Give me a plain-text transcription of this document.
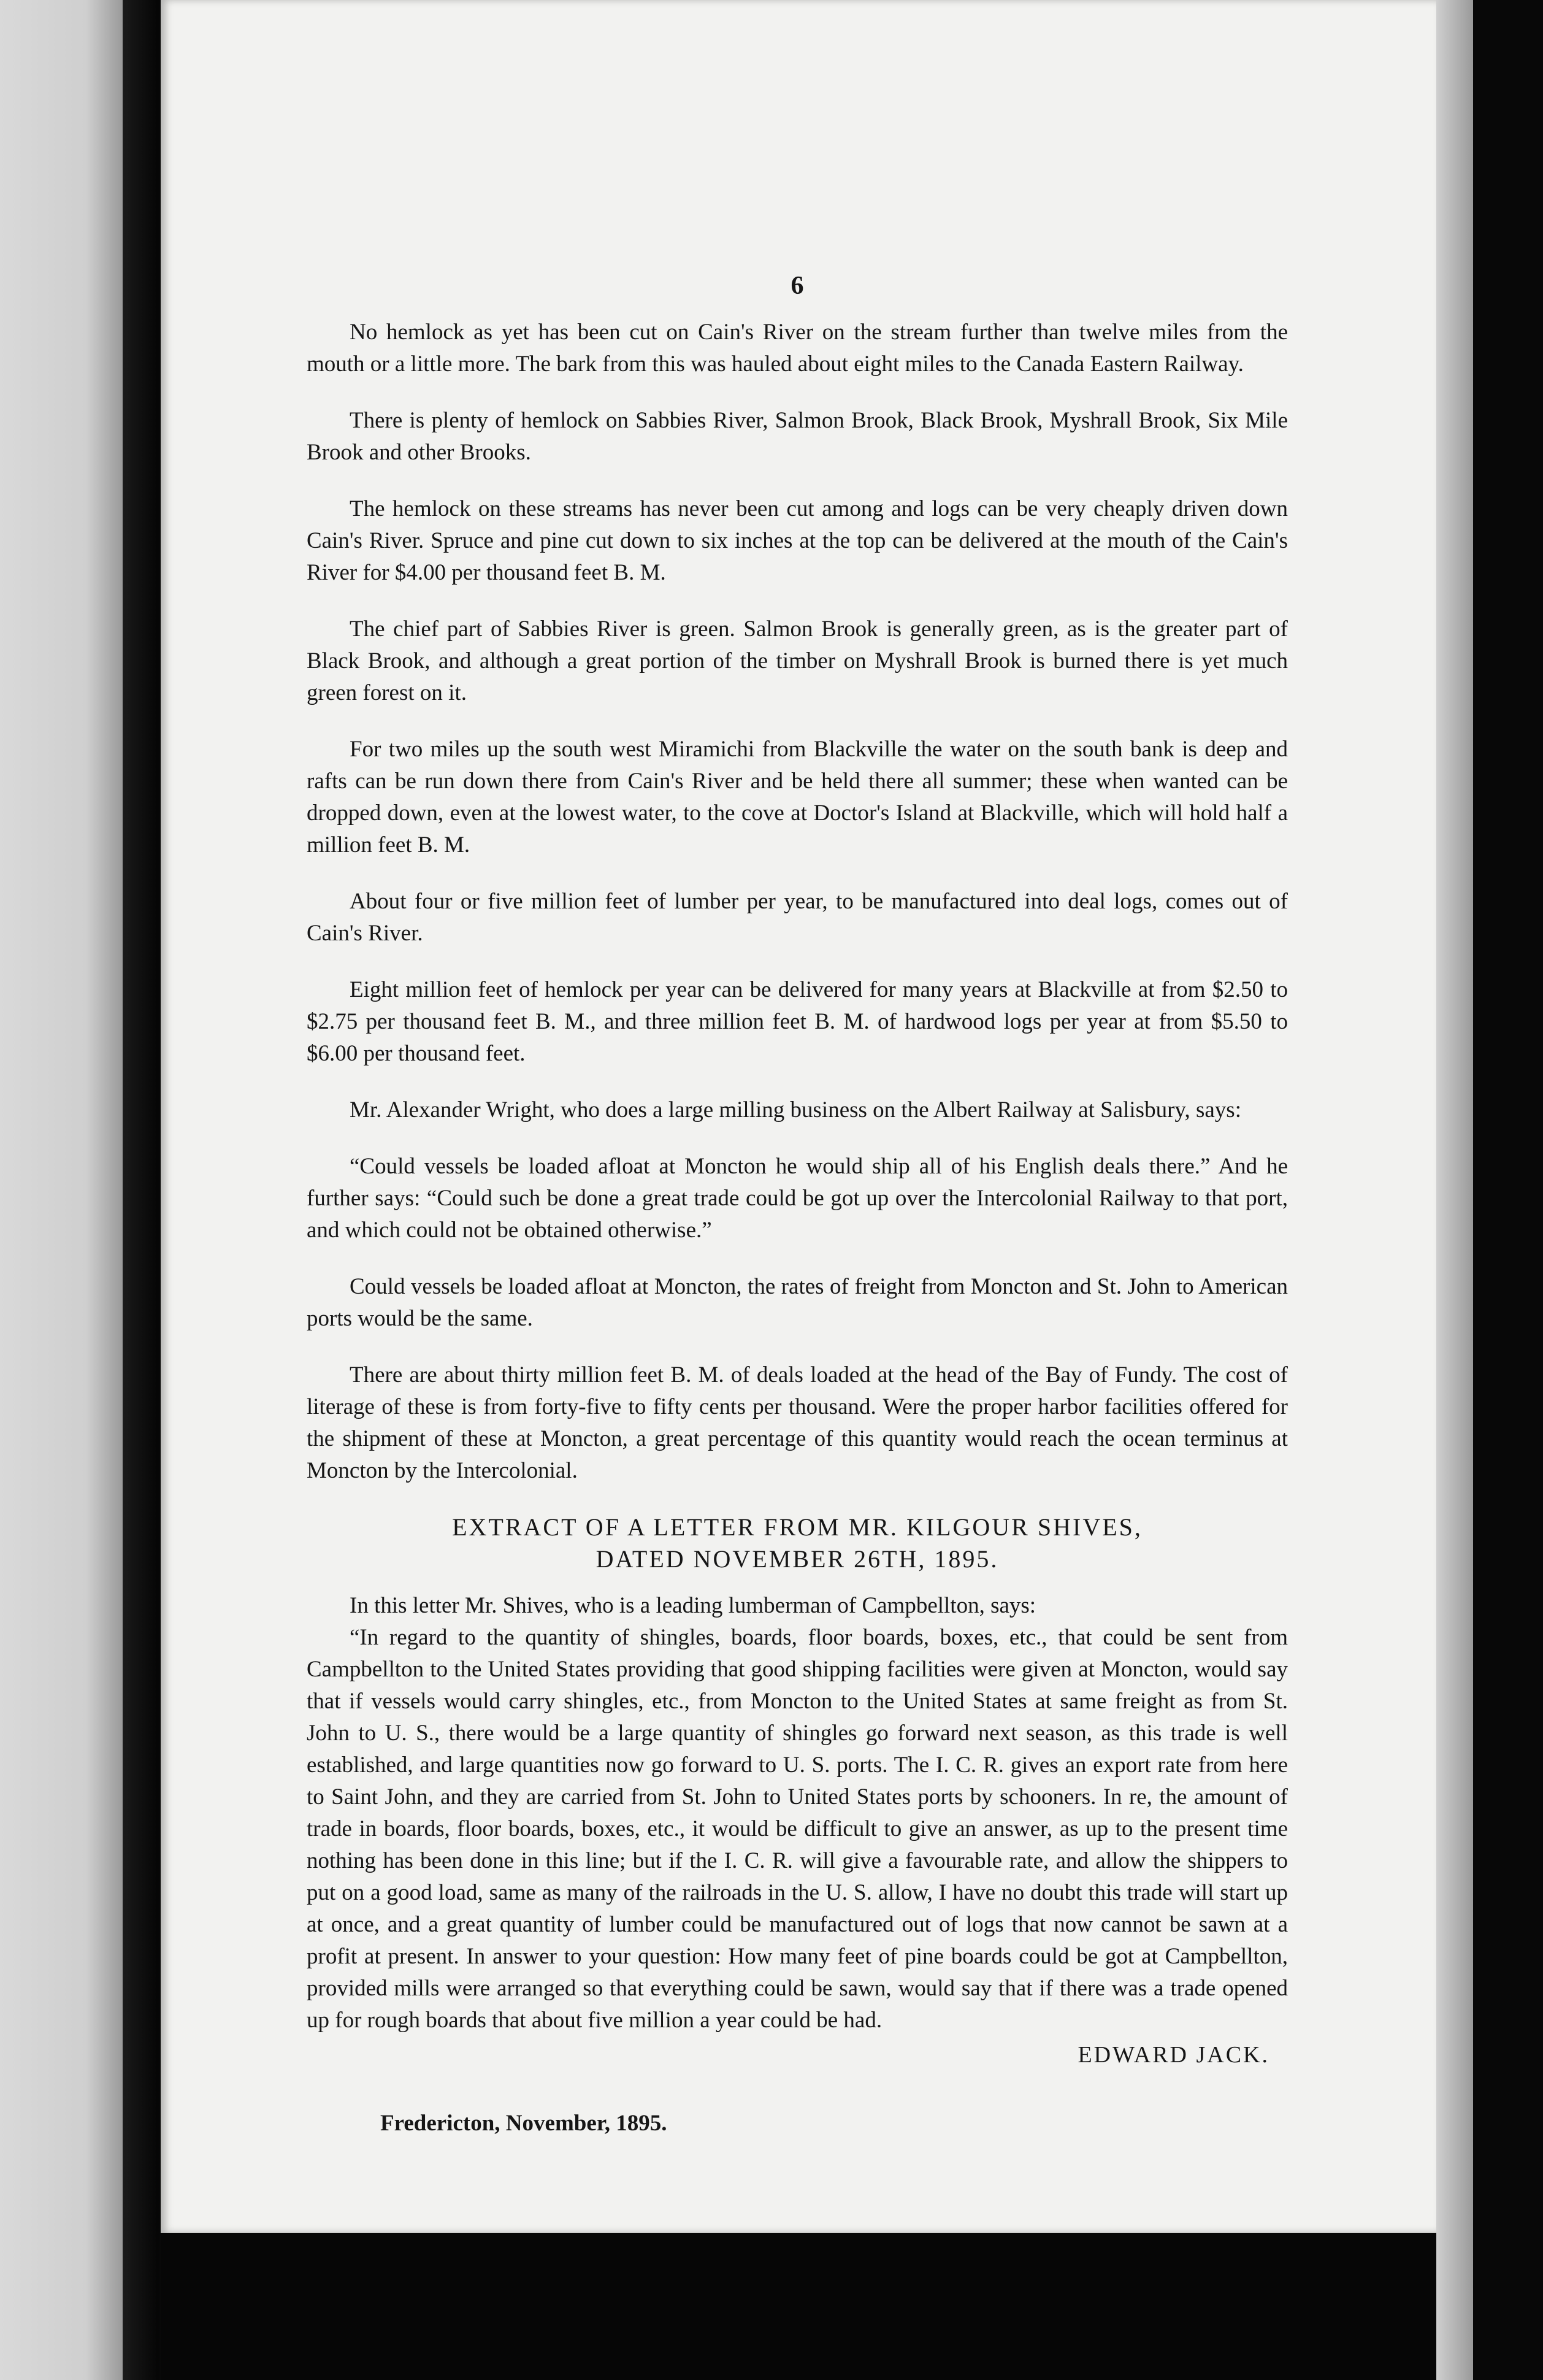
6

No hemlock as yet has been cut on Cain's River on the stream further than twelve miles from the mouth or a little more. The bark from this was hauled about eight miles to the Canada Eastern Railway.

There is plenty of hemlock on Sabbies River, Salmon Brook, Black Brook, Myshrall Brook, Six Mile Brook and other Brooks.

The hemlock on these streams has never been cut among and logs can be very cheaply driven down Cain's River. Spruce and pine cut down to six inches at the top can be delivered at the mouth of the Cain's River for $4.00 per thousand feet B. M.

The chief part of Sabbies River is green. Salmon Brook is generally green, as is the greater part of Black Brook, and although a great portion of the timber on Myshrall Brook is burned there is yet much green forest on it.

For two miles up the south west Miramichi from Blackville the water on the south bank is deep and rafts can be run down there from Cain's River and be held there all summer; these when wanted can be dropped down, even at the lowest water, to the cove at Doctor's Island at Blackville, which will hold half a million feet B. M.

About four or five million feet of lumber per year, to be manufactured into deal logs, comes out of Cain's River.

Eight million feet of hemlock per year can be delivered for many years at Blackville at from $2.50 to $2.75 per thousand feet B. M., and three million feet B. M. of hardwood logs per year at from $5.50 to $6.00 per thousand feet.

Mr. Alexander Wright, who does a large milling business on the Albert Railway at Salisbury, says:

“Could vessels be loaded afloat at Moncton he would ship all of his English deals there.” And he further says: “Could such be done a great trade could be got up over the Intercolonial Railway to that port, and which could not be obtained otherwise.”

Could vessels be loaded afloat at Moncton, the rates of freight from Moncton and St. John to American ports would be the same.

There are about thirty million feet B. M. of deals loaded at the head of the Bay of Fundy. The cost of literage of these is from forty-five to fifty cents per thousand. Were the proper harbor facilities offered for the shipment of these at Moncton, a great percentage of this quantity would reach the ocean terminus at Moncton by the Intercolonial.

EXTRACT OF A LETTER FROM MR. KILGOUR SHIVES,
DATED NOVEMBER 26TH, 1895.

In this letter Mr. Shives, who is a leading lumberman of Campbellton, says:

“In regard to the quantity of shingles, boards, floor boards, boxes, etc., that could be sent from Campbellton to the United States providing that good shipping facilities were given at Moncton, would say that if vessels would carry shingles, etc., from Moncton to the United States at same freight as from St. John to U. S., there would be a large quantity of shingles go forward next season, as this trade is well established, and large quantities now go forward to U. S. ports. The I. C. R. gives an export rate from here to Saint John, and they are carried from St. John to United States ports by schooners. In re, the amount of trade in boards, floor boards, boxes, etc., it would be difficult to give an answer, as up to the present time nothing has been done in this line; but if the I. C. R. will give a favourable rate, and allow the shippers to put on a good load, same as many of the railroads in the U. S. allow, I have no doubt this trade will start up at once, and a great quantity of lumber could be manufactured out of logs that now cannot be sawn at a profit at present. In answer to your question: How many feet of pine boards could be got at Campbellton, provided mills were arranged so that everything could be sawn, would say that if there was a trade opened up for rough boards that about five million a year could be had.

EDWARD JACK.

Fredericton, November, 1895.
